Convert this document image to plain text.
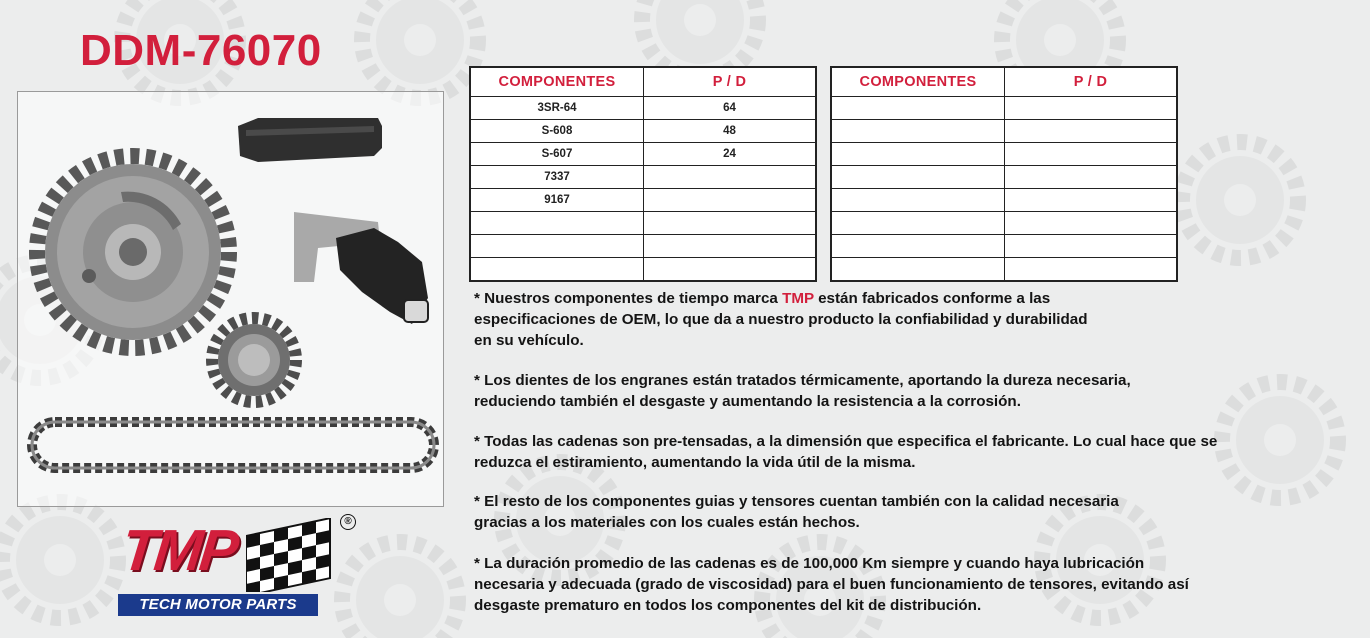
DDM-76070
COMPONENTES	P / D
3SR-64	64
S-608	48
S-607	24
7337	
9167	

COMPONENTES	P / D

* Nuestros componentes de tiempo marca TMP están fabricados conforme a las
especificaciones de OEM, lo que da a nuestro producto la confiabilidad y durabilidad
en su vehículo.

* Los dientes de los engranes están tratados térmicamente, aportando la dureza necesaria,
reduciendo también el desgaste y aumentando la resistencia a la corrosión.

* Todas las cadenas son pre-tensadas, a la dimensión que especifica el fabricante. Lo cual hace que se
reduzca el estiramiento, aumentando la vida útil de la misma.

* El resto de los componentes guias y tensores cuentan también con la calidad necesaria
gracias a los materiales con los cuales están hechos.

* La duración promedio de las cadenas es de 100,000 Km siempre y cuando haya lubricación
necesaria y adecuada (grado de viscosidad) para el buen funcionamiento de tensores, evitando así
desgaste prematuro en todos los componentes del kit de distribución.

TMP	®
TECH MOTOR PARTS
